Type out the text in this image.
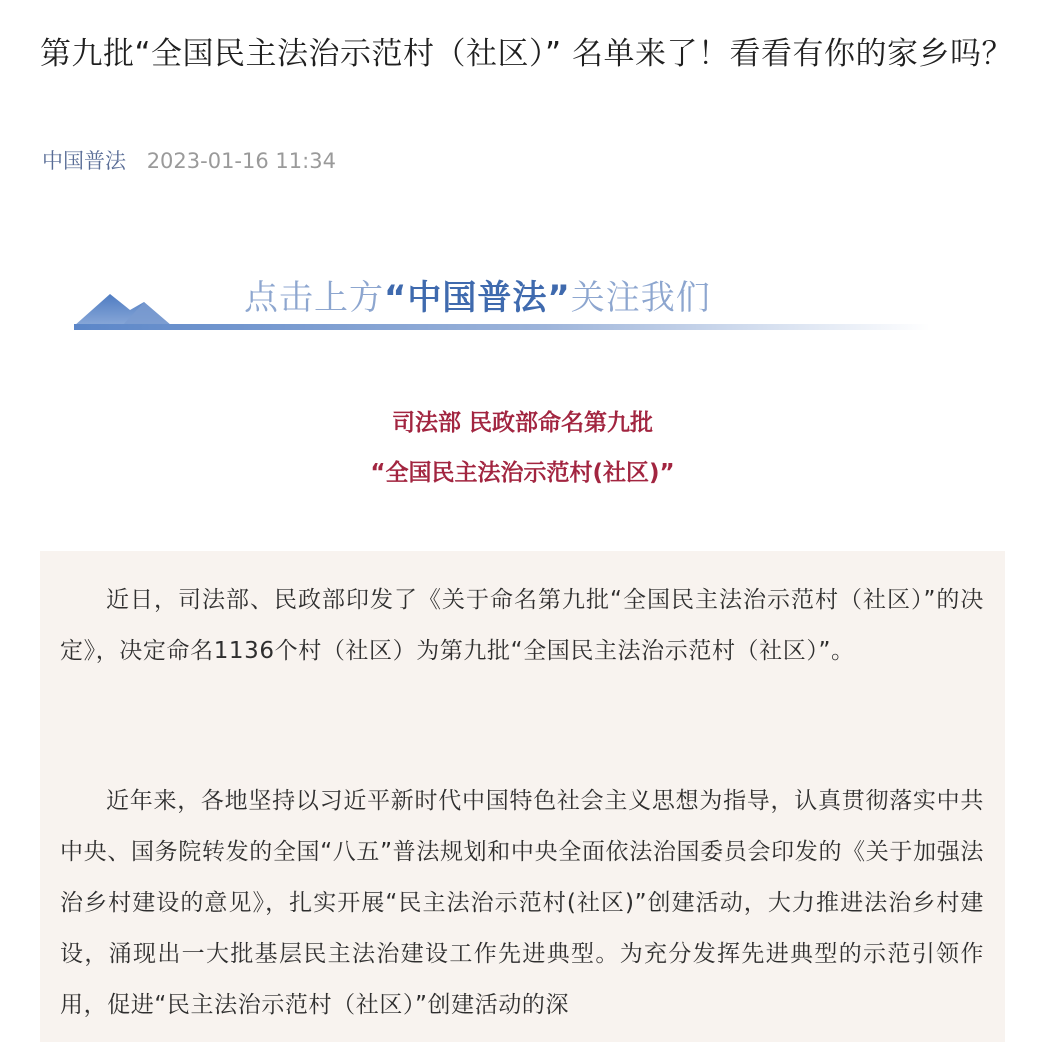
第九批“全国民主法治示范村（社区）” 名单来了！看看有你的家乡吗？
中国普法 2023-01-16 11:34
点击上方“中国普法”关注我们
司法部 民政部命名第九批
“全国民主法治示范村(社区)”

近日，司法部、民政部印发了《关于命名第九批“全国民主法治示范村（社区）”的决定》，决定命名1136个村（社区）为第九批“全国民主法治示范村（社区）”。

近年来，各地坚持以习近平新时代中国特色社会主义思想为指导，认真贯彻落实中共中央、国务院转发的全国“八五”普法规划和中央全面依法治国委员会印发的《关于加强法治乡村建设的意见》，扎实开展“民主法治示范村(社区)”创建活动，大力推进法治乡村建设，涌现出一大批基层民主法治建设工作先进典型。为充分发挥先进典型的示范引领作用，促进“民主法治示范村（社区）”创建活动的深
